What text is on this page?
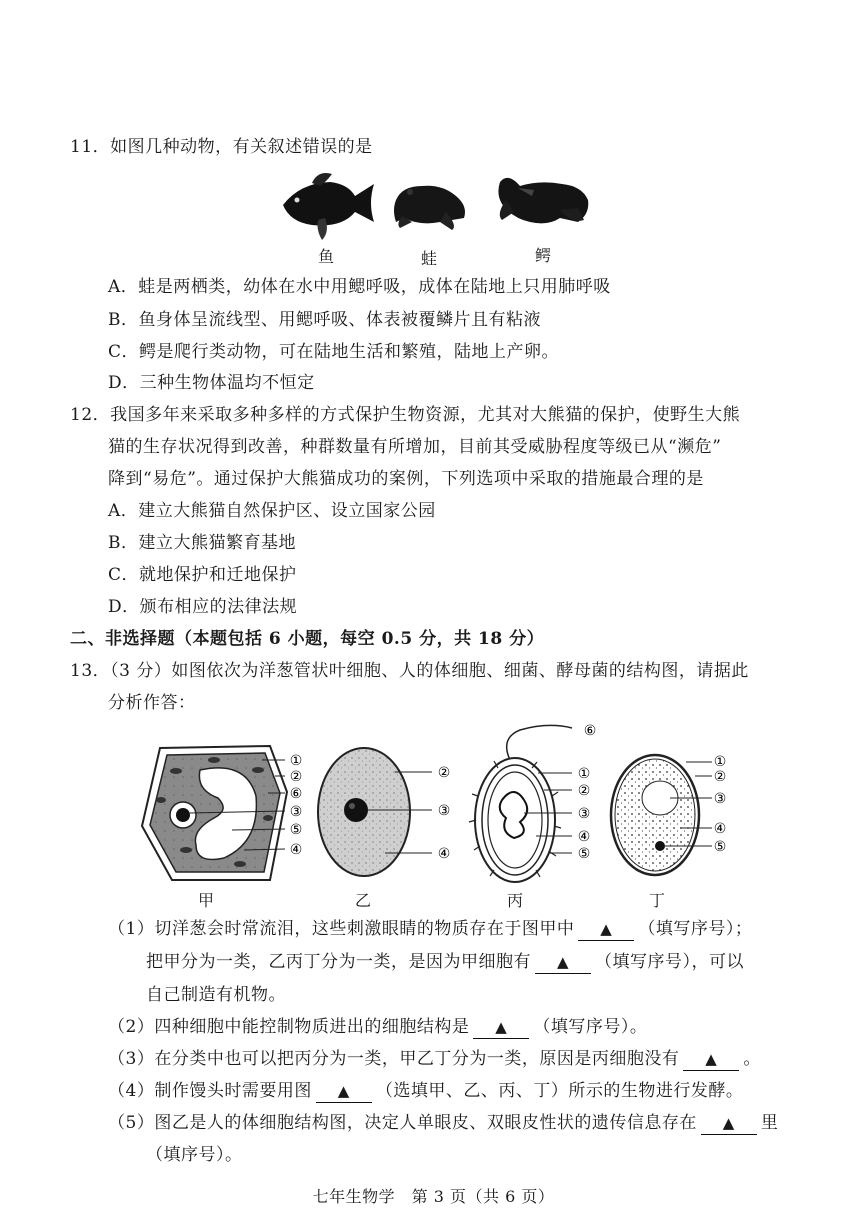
11．如图几种动物，有关叙述错误的是
鱼	蛙	鳄
A．蛙是两栖类，幼体在水中用鳃呼吸，成体在陆地上只用肺呼吸
B．鱼身体呈流线型、用鳃呼吸、体表被覆鳞片且有粘液
C．鳄是爬行类动物，可在陆地生活和繁殖，陆地上产卵。
D．三种生物体温均不恒定
12．我国多年来采取多种多样的方式保护生物资源，尤其对大熊猫的保护，使野生大熊
猫的生存状况得到改善，种群数量有所增加，目前其受威胁程度等级已从“濒危”
降到“易危”。通过保护大熊猫成功的案例，下列选项中采取的措施最合理的是
A．建立大熊猫自然保护区、设立国家公园
B．建立大熊猫繁育基地
C．就地保护和迁地保护
D．颁布相应的法律法规
二、非选择题（本题包括 6 小题，每空 0.5 分，共 18 分）
13．（3 分）如图依次为洋葱管状叶细胞、人的体细胞、细菌、酵母菌的结构图，请据此
分析作答：
①
②
⑥
③
⑤
④
②
③
④
⑥
①
②
③
④
⑤
①
②
③
④
⑤
甲	乙	丙	丁
（1）切洋葱会时常流泪，这些刺激眼睛的物质存在于图甲中 ▲ （填写序号）；
把甲分为一类，乙丙丁分为一类，是因为甲细胞有 ▲ （填写序号），可以
自己制造有机物。
（2）四种细胞中能控制物质进出的细胞结构是 ▲ （填写序号）。
（3）在分类中也可以把丙分为一类，甲乙丁分为一类，原因是丙细胞没有 ▲ 。
（4）制作馒头时需要用图 ▲ （选填甲、乙、丙、丁）所示的生物进行发酵。
（5）图乙是人的体细胞结构图，决定人单眼皮、双眼皮性状的遗传信息存在 ▲ 里
（填序号）。
七年生物学　第 3 页（共 6 页）
